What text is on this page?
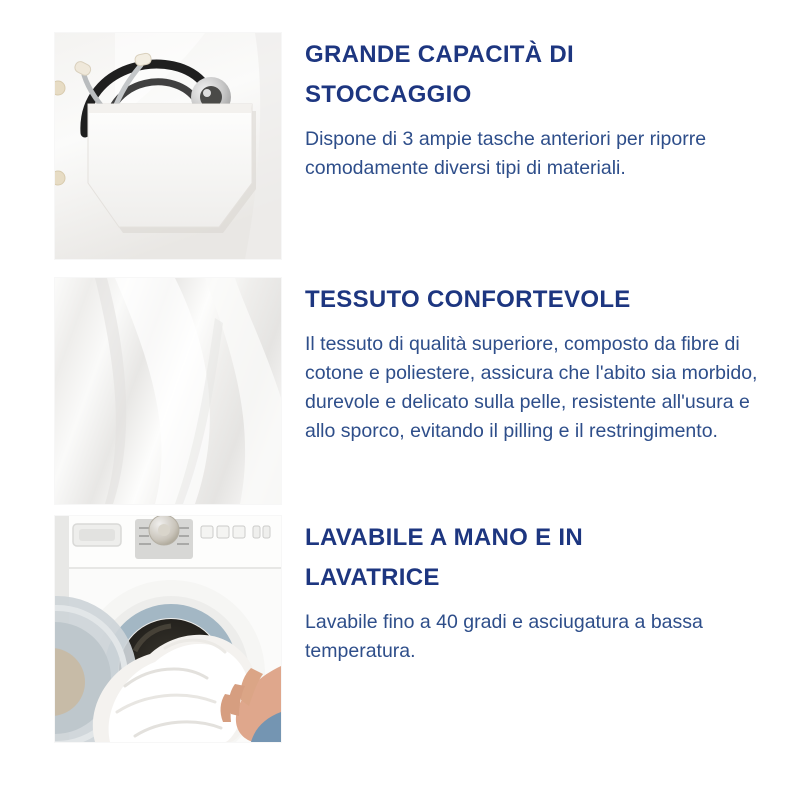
GRANDE CAPACITÀ DI
STOCCAGGIO

Dispone di 3 ampie tasche anteriori per riporre comodamente diversi tipi di materiali.

TESSUTO CONFORTEVOLE

Il tessuto di qualità superiore, composto da fibre di cotone e poliestere, assicura che l'abito sia morbido, durevole e delicato sulla pelle, resistente all'usura e allo sporco, evitando il pilling e il restringimento.

LAVABILE A MANO E IN
LAVATRICE

Lavabile fino a 40 gradi e asciugatura a bassa temperatura.
